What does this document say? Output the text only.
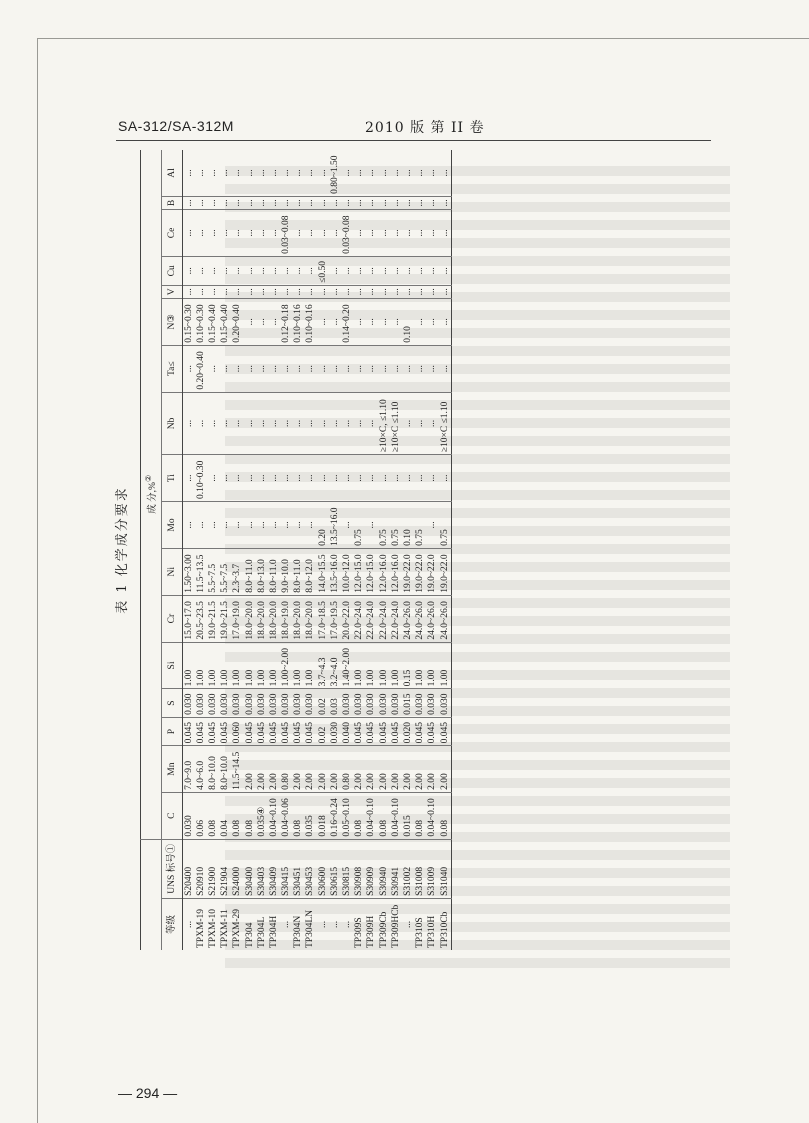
SA-312/SA-312M	2010 版 第 II 卷
表 1 化学成分要求
		成 分,%②
等级	UNS 标号①	C	Mn	P	S	Si	Cr	Ni	Mo	Ti	Nb	Ta≤	N③	V	Cu	Ce	B	Al
...	S20400	0.030	7.0~9.0	0.045	0.030	1.00	15.0~17.0	1.50~3.00	...	...	...	...	0.15~0.30	...	...	...	...	...
TPXM-19	S20910	0.06	4.0~6.0	0.045	0.030	1.00	20.5~23.5	11.5~13.5	...	0.10~0.30	...	0.20~0.40	0.10~0.30	...	...	...	...	...
TPXM-10	S21900	0.08	8.0~10.0	0.045	0.030	1.00	19.0~21.5	5.5~7.5	...	...	...	...	0.15~0.40	...	...	...	...	...
TPXM-11	S21904	0.04	8.0~10.0	0.045	0.030	1.00	19.0~21.5	5.5~7.5	...	...	...	...	0.15~0.40	...	...	...	...	...
TPXM-29	S24000	0.08	11.5~14.5	0.060	0.030	1.00	17.0~19.0	2.3~3.7	...	...	...	...	0.20~0.40	...	...	...	...	...
TP304	S30400	0.08	2.00	0.045	0.030	1.00	18.0~20.0	8.0~11.0	...	...	...	...	...	...	...	...	...	...
TP304L	S30403	0.035④	2.00	0.045	0.030	1.00	18.0~20.0	8.0~13.0	...	...	...	...	...	...	...	...	...	...
TP304H	S30409	0.04~0.10	2.00	0.045	0.030	1.00	18.0~20.0	8.0~11.0	...	...	...	...	...	...	...	...	...	...
...	S30415	0.04~0.06	0.80	0.045	0.030	1.00~2.00	18.0~19.0	9.0~10.0	...	...	...	...	0.12~0.18	...	...	0.03~0.08	...	...
TP304N	S30451	0.08	2.00	0.045	0.030	1.00	18.0~20.0	8.0~11.0	...	...	...	...	0.10~0.16	...	...	...	...	...
TP304LN	S30453	0.035	2.00	0.045	0.030	1.00	18.0~20.0	8.0~12.0	...	...	...	...	0.10~0.16	...	...	...	...	...
...	S30600	0.018	2.00	0.02	0.02	3.7~4.3	17.0~18.5	14.0~15.5	0.20	...	...	...	...	...	≤0.50	...	...	...
...	S30615	0.16~0.24	2.00	0.030	0.03	3.2~4.0	17.0~19.5	13.5~16.0	13.5~16.0	...	...	...	...	...	...	...	...	0.80~1.50
...	S30815	0.05~0.10	0.80	0.040	0.030	1.40~2.00	20.0~22.0	10.0~12.0	...	...	...	...	0.14~0.20	...	...	0.03~0.08	...	...
TP309S	S30908	0.08	2.00	0.045	0.030	1.00	22.0~24.0	12.0~15.0	0.75	...	...	...	...	...	...	...	...	...
TP309H	S30909	0.04~0.10	2.00	0.045	0.030	1.00	22.0~24.0	12.0~15.0	...	...	...	...	...	...	...	...	...	...
TP309Cb	S30940	0.08	2.00	0.045	0.030	1.00	22.0~24.0	12.0~16.0	0.75	...	≥10×C, ≤1.10	...	...	...	...	...	...	...
TP309HCb	S30941	0.04~0.10	2.00	0.045	0.030	1.00	22.0~24.0	12.0~16.0	0.75	...	≥10×C ≤1.10	...	...	...	...	...	...	...
...	S31002	0.015	2.00	0.020	0.015	0.15	24.0~26.0	19.0~22.0	0.10	...	...	...	0.10	...	...	...	...	...
TP310S	S31008	0.08	2.00	0.045	0.030	1.00	24.0~26.0	19.0~22.0	0.75	...	...	...	...	...	...	...	...	...
TP310H	S31009	0.04~0.10	2.00	0.045	0.030	1.00	24.0~26.0	19.0~22.0	...	...	...	...	...	...	...	...	...	...
TP310Cb	S31040	0.08	2.00	0.045	0.030	1.00	24.0~26.0	19.0~22.0	0.75	...	≥10×C ≤1.10	...	...	...	...	...	...	...
— 294 —
